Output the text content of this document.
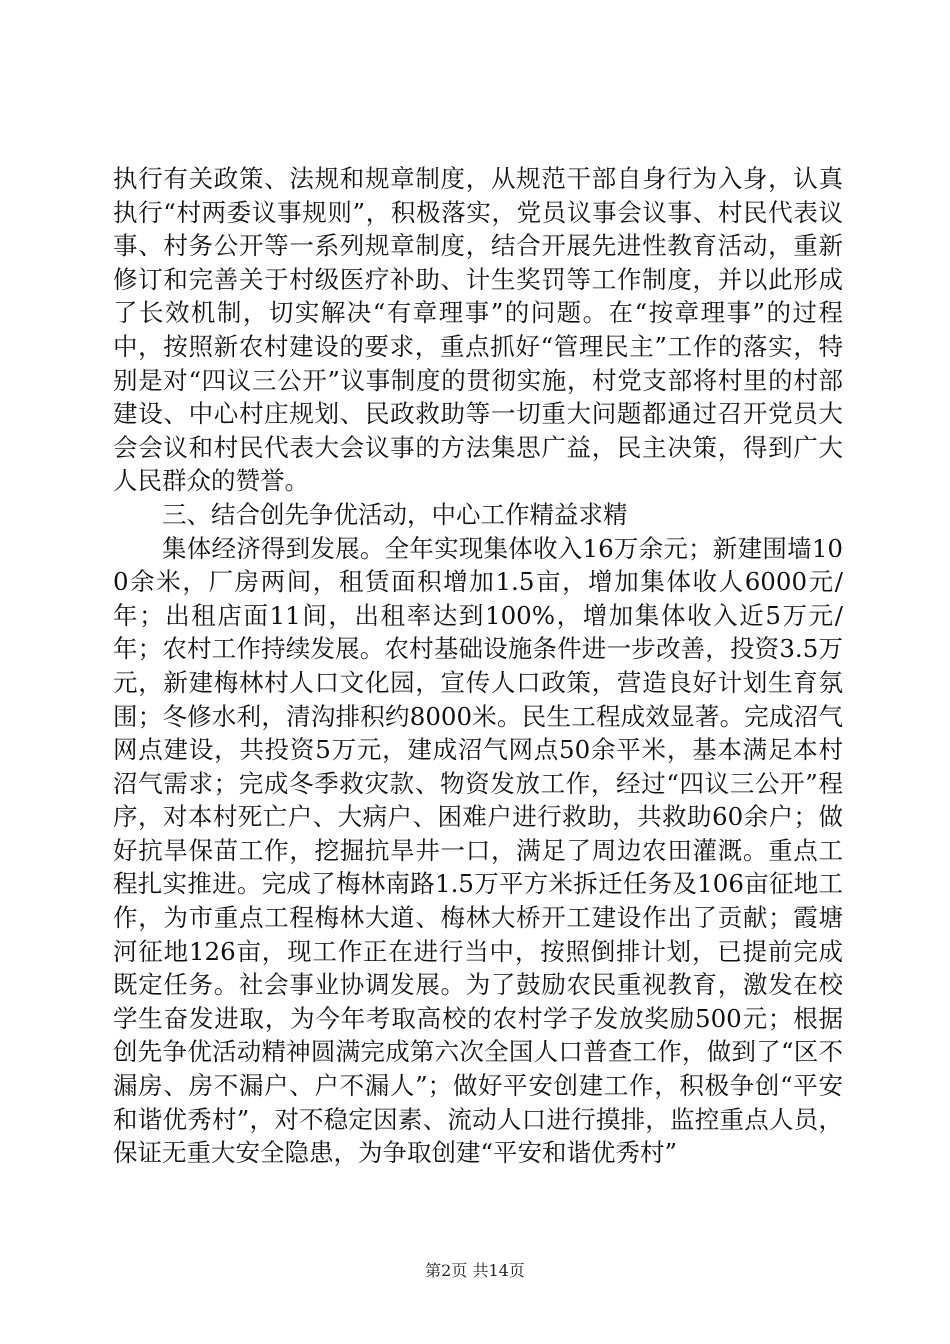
执行有关政策、法规和规章制度，从规范干部自身行为入身，认真执行“村两委议事规则”，积极落实，党员议事会议事、村民代表议事、村务公开等一系列规章制度，结合开展先进性教育活动，重新修订和完善关于村级医疗补助、计生奖罚等工作制度，并以此形成了长效机制，切实解决“有章理事”的问题。在“按章理事”的过程中，按照新农村建设的要求，重点抓好“管理民主”工作的落实，特别是对“四议三公开”议事制度的贯彻实施，村党支部将村里的村部建设、中心村庄规划、民政救助等一切重大问题都通过召开党员大会会议和村民代表大会议事的方法集思广益，民主决策，得到广大人民群众的赞誉。

三、结合创先争优活动，中心工作精益求精

集体经济得到发展。全年实现集体收入16万余元；新建围墙100余米，厂房两间，租赁面积增加1.5亩，增加集体收人6000元/年；出租店面11间，出租率达到100%，增加集体收入近5万元/年；农村工作持续发展。农村基础设施条件进一步改善，投资3.5万元，新建梅林村人口文化园，宣传人口政策，营造良好计划生育氛围；冬修水利，清沟排积约8000米。民生工程成效显著。完成沼气网点建设，共投资5万元，建成沼气网点50余平米，基本满足本村沼气需求；完成冬季救灾款、物资发放工作，经过“四议三公开”程序，对本村死亡户、大病户、困难户进行救助，共救助60余户；做好抗旱保苗工作，挖掘抗旱井一口，满足了周边农田灌溉。重点工程扎实推进。完成了梅林南路1.5万平方米拆迁任务及106亩征地工作，为市重点工程梅林大道、梅林大桥开工建设作出了贡献；霞塘河征地126亩，现工作正在进行当中，按照倒排计划，已提前完成既定任务。社会事业协调发展。为了鼓励农民重视教育，激发在校学生奋发进取，为今年考取高校的农村学子发放奖励500元；根据创先争优活动精神圆满完成第六次全国人口普查工作，做到了“区不漏房、房不漏户、户不漏人”；做好平安创建工作，积极争创“平安和谐优秀村”，对不稳定因素、流动人口进行摸排，监控重点人员，保证无重大安全隐患，为争取创建“平安和谐优秀村”

第2页 共14页
